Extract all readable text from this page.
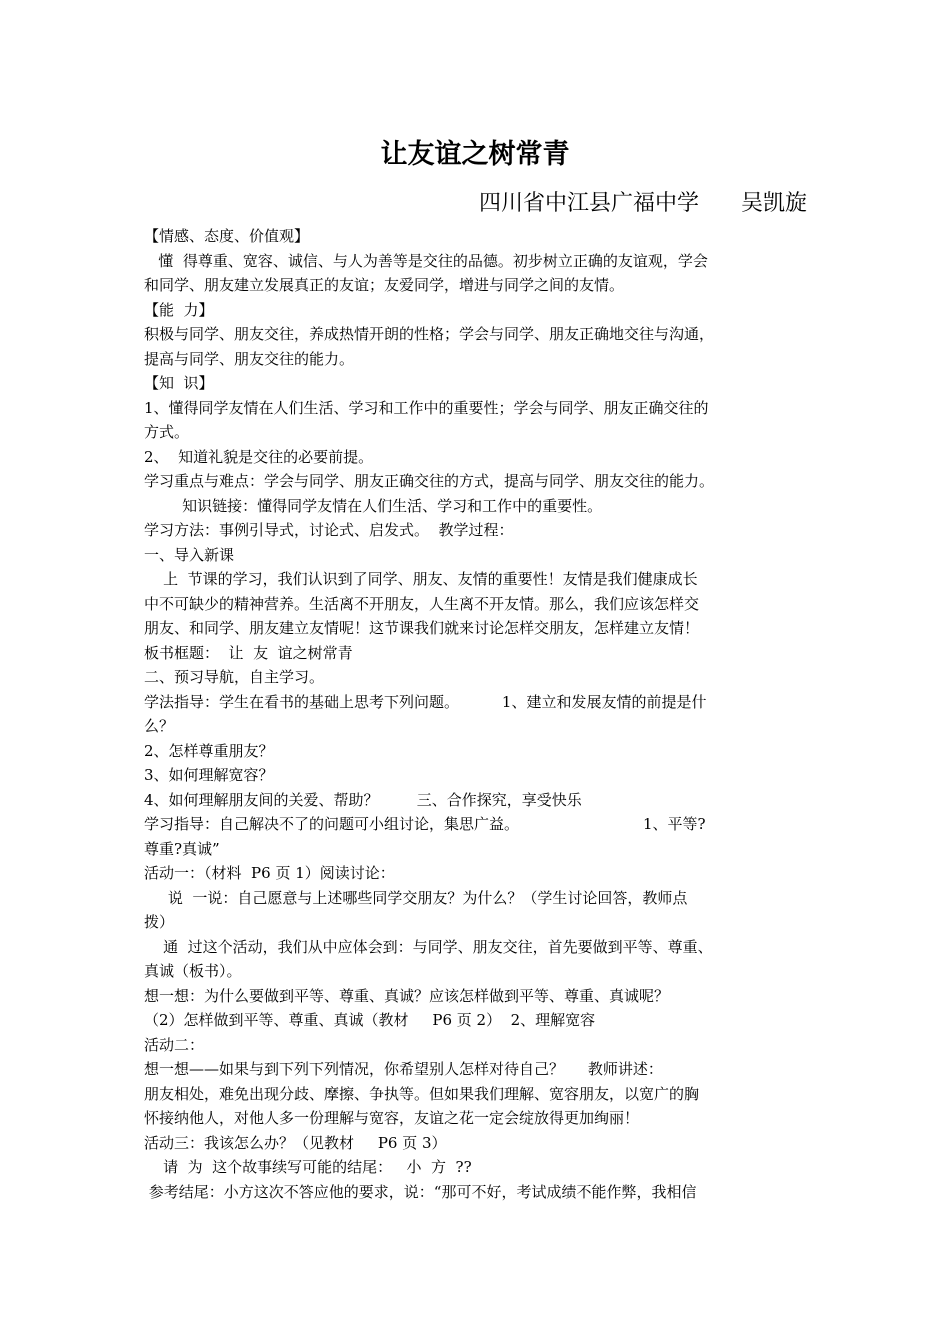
让友谊之树常青
四川省中江县广福中学      吴凯旋

【情感、态度、价值观】

懂  得尊重、宽容、诚信、与人为善等是交往的品德。初步树立正确的友谊观，学会

和同学、朋友建立发展真正的友谊；友爱同学，增进与同学之间的友情。

【能  力】

积极与同学、朋友交往，养成热情开朗的性格；学会与同学、朋友正确地交往与沟通，

提高与同学、朋友交往的能力。

【知  识】

1、懂得同学友情在人们生活、学习和工作中的重要性；学会与同学、朋友正确交往的

方式。

2、  知道礼貌是交往的必要前提。

学习重点与难点：学会与同学、朋友正确交往的方式，提高与同学、朋友交往的能力。

知识链接：懂得同学友情在人们生活、学习和工作中的重要性。

学习方法：事例引导式，讨论式、启发式。  教学过程：

一、导入新课

上  节课的学习，我们认识到了同学、朋友、友情的重要性！友情是我们健康成长

中不可缺少的精神营养。生活离不开朋友，人生离不开友情。那么，我们应该怎样交

朋友、和同学、朋友建立友情呢！这节课我们就来讨论怎样交朋友，怎样建立友情！

板书框题：  让  友  谊之树常青

二、预习导航，自主学习。

学法指导：学生在看书的基础上思考下列问题。         1、建立和发展友情的前提是什

么？

2、怎样尊重朋友？

3、如何理解宽容？

4、如何理解朋友间的关爱、帮助？        三、合作探究，享受快乐

学习指导：自己解决不了的问题可小组讨论，集思广益。                          1、平等?

尊重?真诚”

活动一：（材料  P6 页 1）阅读讨论：

说  一说：自己愿意与上述哪些同学交朋友？为什么？（学生讨论回答，教师点

拨）

通  过这个活动，我们从中应体会到：与同学、朋友交往，首先要做到平等、尊重、

真诚（板书）。

想一想：为什么要做到平等、尊重、真诚？应该怎样做到平等、尊重、真诚呢？

（2）怎样做到平等、尊重、真诚（教材     P6 页 2）  2、理解宽容

活动二：

想一想——如果与到下列下列情况，你希望别人怎样对待自己？     教师讲述：

朋友相处，难免出现分歧、摩擦、争执等。但如果我们理解、宽容朋友，以宽广的胸

怀接纳他人，对他人多一份理解与宽容，友谊之花一定会绽放得更加绚丽！

活动三：我该怎么办？（见教材     P6 页 3）

请  为  这个故事续写可能的结尾：   小  方  ??

参考结尾：小方这次不答应他的要求，说：“那可不好，考试成绩不能作弊，我相信
